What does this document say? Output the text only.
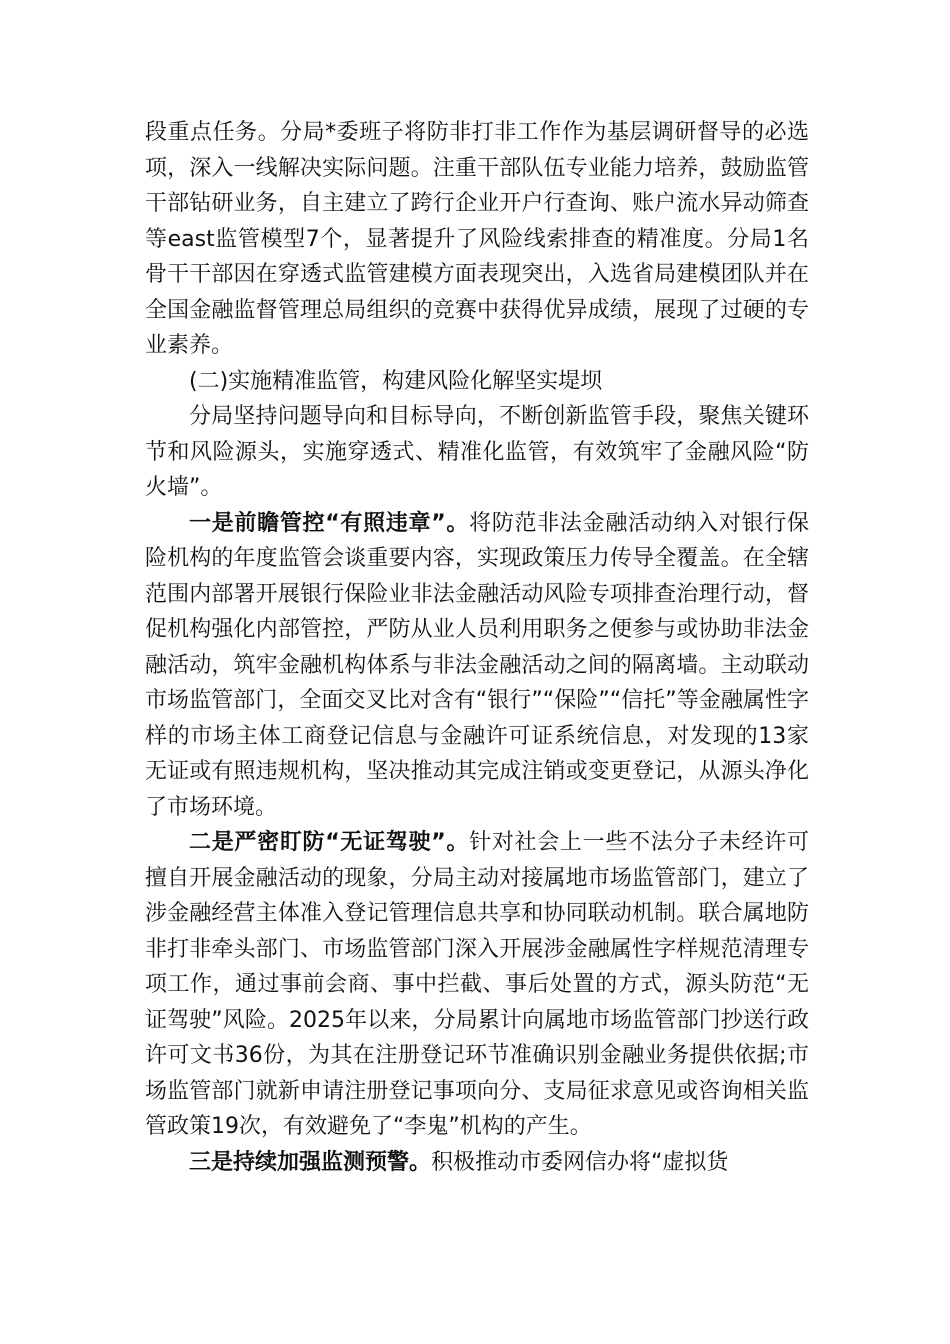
段重点任务。分局*委班子将防非打非工作作为基层调研督导的必选项，深入一线解决实际问题。注重干部队伍专业能力培养，鼓励监管干部钻研业务，自主建立了跨行企业开户行查询、账户流水异动筛查等east监管模型7个，显著提升了风险线索排查的精准度。分局1名骨干干部因在穿透式监管建模方面表现突出，入选省局建模团队并在全国金融监督管理总局组织的竞赛中获得优异成绩，展现了过硬的专业素养。

(二)实施精准监管，构建风险化解坚实堤坝

分局坚持问题导向和目标导向，不断创新监管手段，聚焦关键环节和风险源头，实施穿透式、精准化监管，有效筑牢了金融风险“防火墙”。

一是前瞻管控“有照违章”。将防范非法金融活动纳入对银行保险机构的年度监管会谈重要内容，实现政策压力传导全覆盖。在全辖范围内部署开展银行保险业非法金融活动风险专项排查治理行动，督促机构强化内部管控，严防从业人员利用职务之便参与或协助非法金融活动，筑牢金融机构体系与非法金融活动之间的隔离墙。主动联动市场监管部门，全面交叉比对含有“银行”“保险”“信托”等金融属性字样的市场主体工商登记信息与金融许可证系统信息，对发现的13家无证或有照违规机构，坚决推动其完成注销或变更登记，从源头净化了市场环境。

二是严密盯防“无证驾驶”。针对社会上一些不法分子未经许可擅自开展金融活动的现象，分局主动对接属地市场监管部门，建立了涉金融经营主体准入登记管理信息共享和协同联动机制。联合属地防非打非牵头部门、市场监管部门深入开展涉金融属性字样规范清理专项工作，通过事前会商、事中拦截、事后处置的方式，源头防范“无证驾驶”风险。2025年以来，分局累计向属地市场监管部门抄送行政许可文书36份，为其在注册登记环节准确识别金融业务提供依据;市场监管部门就新申请注册登记事项向分、支局征求意见或咨询相关监管政策19次，有效避免了“李鬼”机构的产生。

三是持续加强监测预警。积极推动市委网信办将“虚拟货
